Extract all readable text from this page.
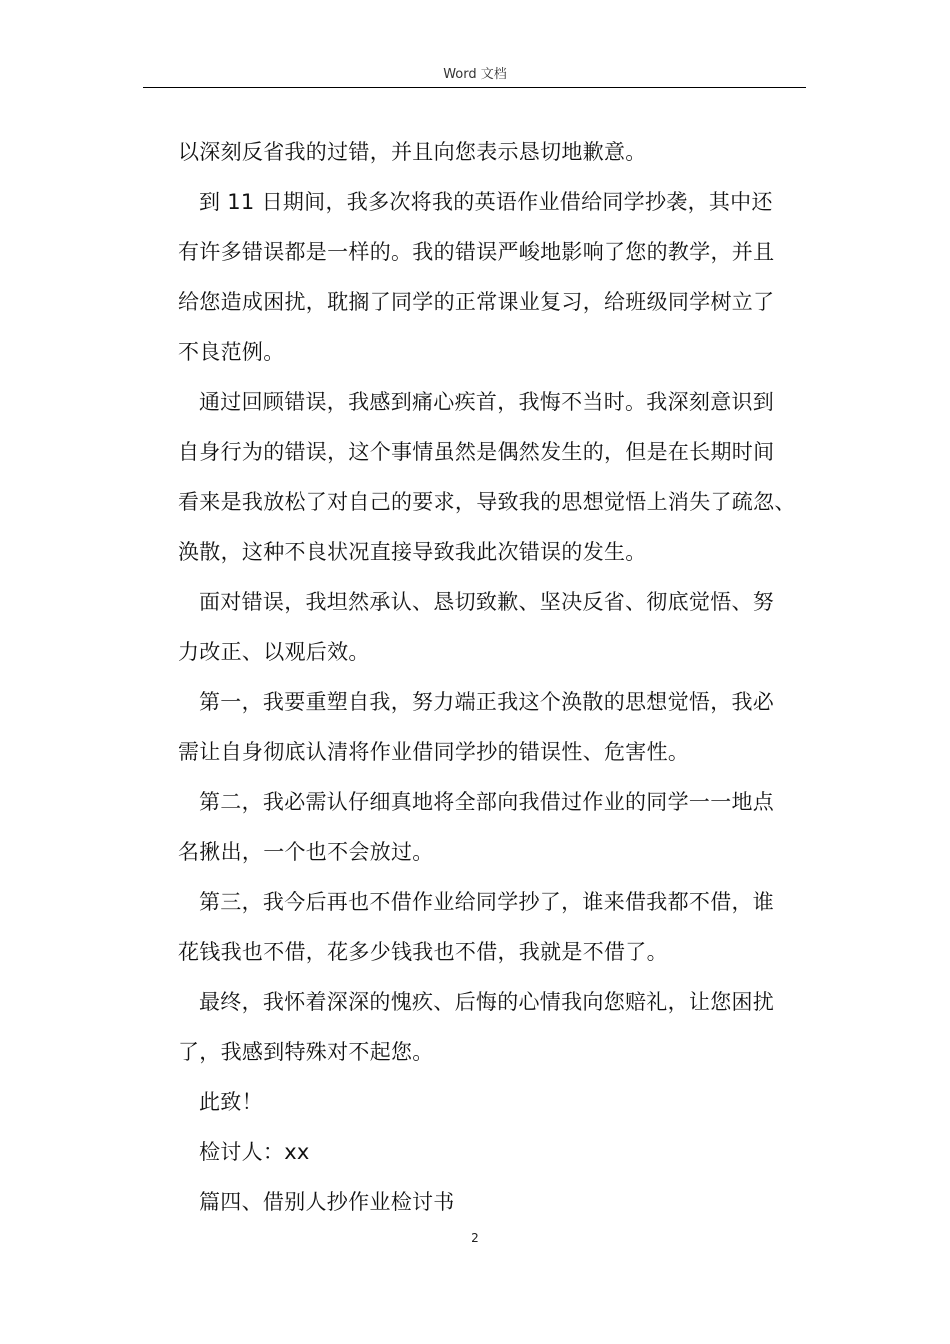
Word 文档
以深刻反省我的过错，并且向您表示恳切地歉意。
到 11 日期间，我多次将我的英语作业借给同学抄袭，其中还
有许多错误都是一样的。我的错误严峻地影响了您的教学，并且
给您造成困扰，耽搁了同学的正常课业复习，给班级同学树立了
不良范例。
通过回顾错误，我感到痛心疾首，我悔不当时。我深刻意识到
自身行为的错误，这个事情虽然是偶然发生的，但是在长期时间
看来是我放松了对自己的要求，导致我的思想觉悟上消失了疏忽、
涣散，这种不良状况直接导致我此次错误的发生。
面对错误，我坦然承认、恳切致歉、坚决反省、彻底觉悟、努
力改正、以观后效。
第一，我要重塑自我，努力端正我这个涣散的思想觉悟，我必
需让自身彻底认清将作业借同学抄的错误性、危害性。
第二，我必需认仔细真地将全部向我借过作业的同学一一地点
名揪出，一个也不会放过。
第三，我今后再也不借作业给同学抄了，谁来借我都不借，谁
花钱我也不借，花多少钱我也不借，我就是不借了。
最终，我怀着深深的愧疚、后悔的心情我向您赔礼，让您困扰
了，我感到特殊对不起您。
此致！
检讨人：xx
篇四、借别人抄作业检讨书
2
